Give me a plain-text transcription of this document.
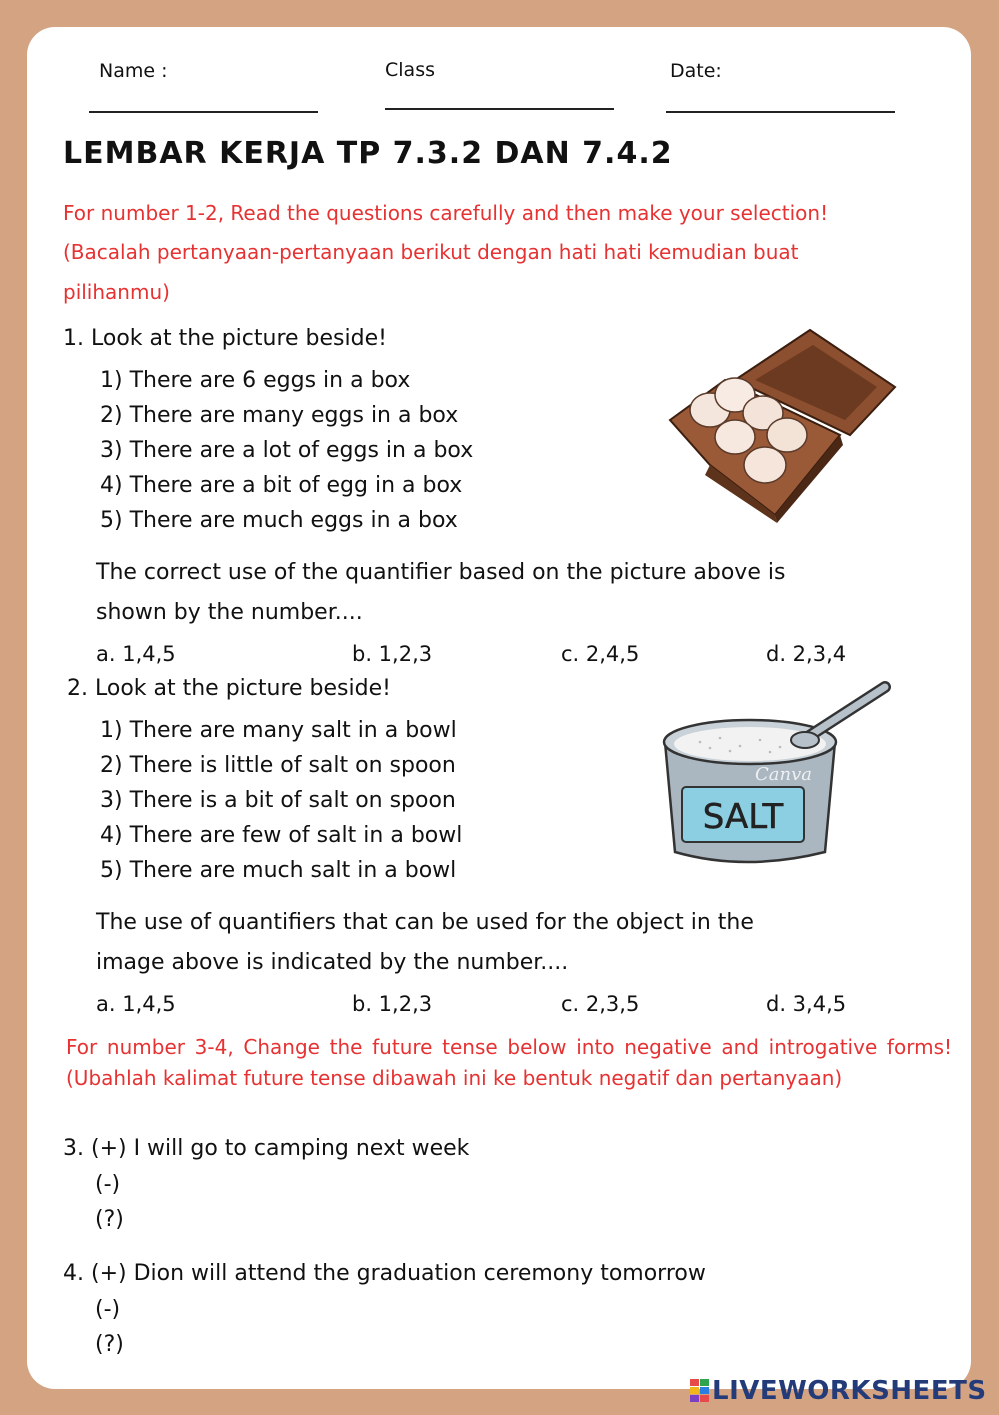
Name :	Class	Date:
LEMBAR KERJA TP 7.3.2 DAN 7.4.2
For number 1-2, Read the questions carefully and then make your selection!
(Bacalah pertanyaan-pertanyaan berikut dengan hati hati kemudian buat
pilihanmu)
1. Look at the picture beside!
1) There are 6 eggs in a box
2) There are many eggs in a box
3) There are a lot of eggs in a box
4) There are a bit of egg in a box
5) There are much eggs in a box
The correct use of the quantifier based on the picture above is
shown by the number....
a. 1,4,5	b. 1,2,3	c. 2,4,5	d. 2,3,4
2. Look at the picture beside!
1) There are many salt in a bowl
2) There is little of salt on spoon
3) There is a bit of salt on spoon
4) There are few of salt in a bowl
5) There are much salt in a bowl
The use of quantifiers that can be used for the object in the
image above is indicated by the number....
a. 1,4,5	b. 1,2,3	c. 2,3,5	d. 3,4,5
Canva
SALT
For number 3-4, Change the future tense below into negative and introgative forms! (Ubahlah kalimat future tense dibawah ini ke bentuk negatif dan pertanyaan)
3. (+) I will go to camping next week
(-)
(?)
4. (+) Dion will attend the graduation ceremony tomorrow
(-)
(?)
LIVEWORKSHEETS
